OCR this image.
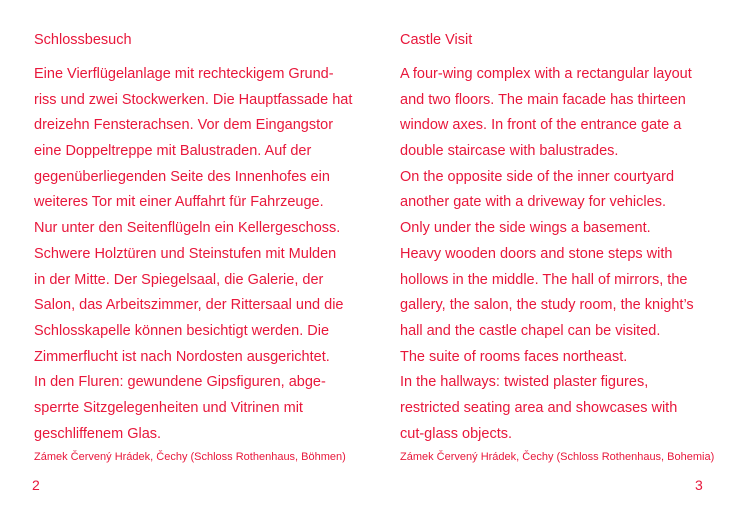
Schlossbesuch
Eine Vierflügelanlage mit rechteckigem Grund-
riss und zwei Stockwerken. Die Hauptfassade hat
dreizehn Fensterachsen. Vor dem Eingangstor
eine Doppeltreppe mit Balustraden. Auf der
gegenüberliegenden Seite des Innenhofes ein
weiteres Tor mit einer Auffahrt für Fahrzeuge.
Nur unter den Seitenflügeln ein Kellergeschoss.
Schwere Holztüren und Steinstufen mit Mulden
in der Mitte. Der Spiegelsaal, die Galerie, der
Salon, das Arbeitszimmer, der Rittersaal und die
Schlosskapelle können besichtigt werden. Die
Zimmerflucht ist nach Nordosten ausgerichtet.
In den Fluren: gewundene Gipsfiguren, abge-
sperrte Sitzgelegenheiten und Vitrinen mit
geschliffenem Glas.
Zámek Červený Hrádek, Čechy (Schloss Rothenhaus, Böhmen)
Castle Visit
A four-wing complex with a rectangular layout
and two floors. The main facade has thirteen
window axes. In front of the entrance gate a
double staircase with balustrades.
On the opposite side of the inner courtyard
another gate with a driveway for vehicles.
Only under the side wings a basement.
Heavy wooden doors and stone steps with
hollows in the middle. The hall of mirrors, the
gallery, the salon, the study room, the knight’s
hall and the castle chapel can be visited.
The suite of rooms faces northeast.
In the hallways: twisted plaster figures,
restricted seating area and showcases with
cut-glass objects.
Zámek Červený Hrádek, Čechy (Schloss Rothenhaus, Bohemia)
2	3
